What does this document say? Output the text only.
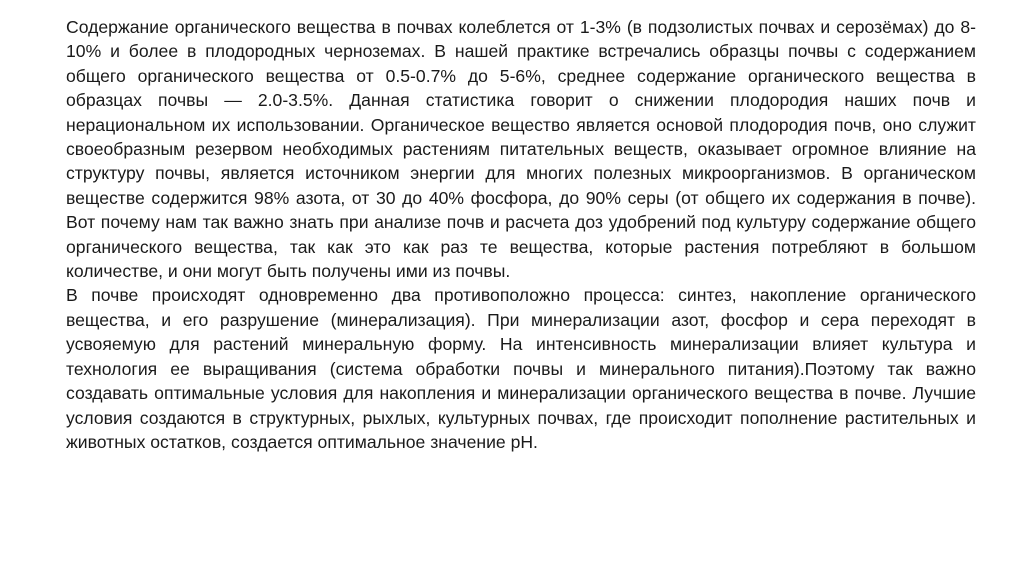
Содержание органического вещества в почвах колеблется от 1-3% (в подзолистых почвах и серозёмах) до 8-10% и более в плодородных черноземах. В нашей практике встречались образцы почвы с содержанием общего органического вещества от 0.5-0.7% до 5-6%, среднее содержание органического вещества в образцах почвы — 2.0-3.5%. Данная статистика говорит о снижении плодородия наших почв и нерациональном их использовании. Органическое вещество является основой плодородия почв, оно служит своеобразным резервом необходимых растениям питательных веществ, оказывает огромное влияние на структуру почвы, является источником энергии для многих полезных микроорганизмов. В органическом веществе содержится 98% азота, от 30 до 40% фосфора, до 90% серы (от общего их содержания в почве). Вот почему нам так важно знать при анализе почв и расчета доз удобрений под культуру содержание общего органического вещества, так как это как раз те вещества, которые растения потребляют в большом количестве, и они могут быть получены ими из почвы.

В почве происходят одновременно два противоположно процесса: синтез, накопление органического вещества, и его разрушение (минерализация). При минерализации азот, фосфор и сера переходят в усвояемую для растений минеральную форму. На интенсивность минерализации влияет культура и технология ее выращивания (система обработки почвы и минерального питания).Поэтому так важно создавать оптимальные условия для накопления и минерализации органического вещества в почве. Лучшие условия создаются в структурных, рыхлых, культурных почвах, где происходит пополнение растительных и животных остатков, создается оптимальное значение pH.
